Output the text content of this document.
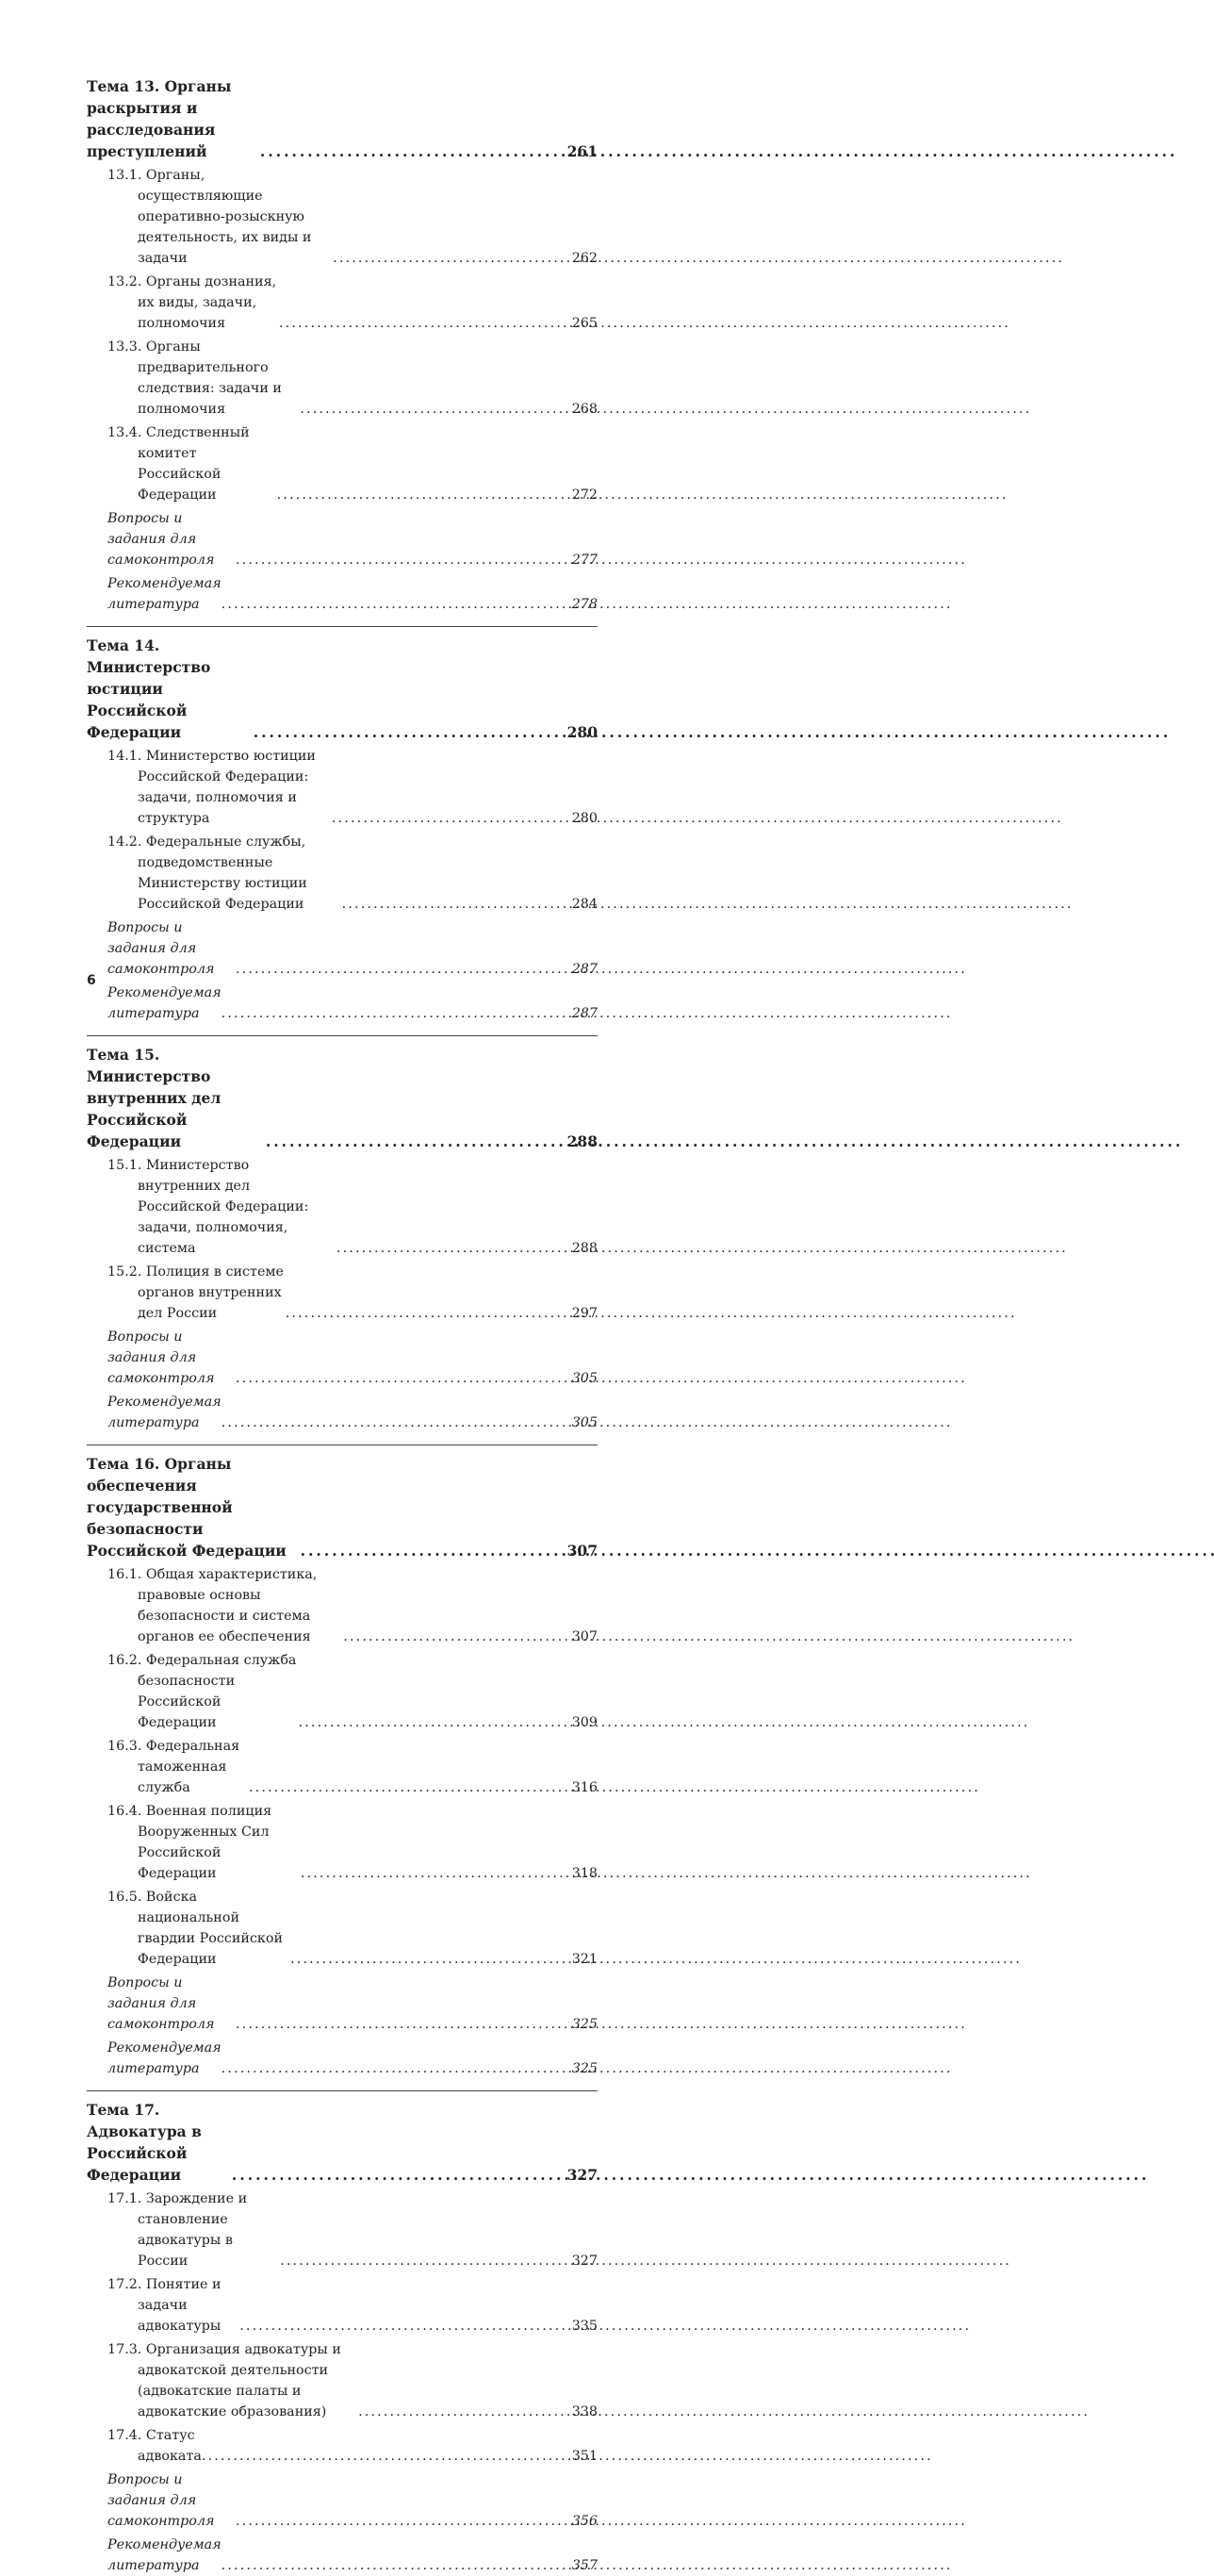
Тема 13. Органы раскрытия и расследования преступлений . . .	261
13.1. Органы, осуществляющие оперативно-розыскную деятельность, их виды и задачи . . .	262
13.2. Органы дознания, их виды, задачи, полномочия . . .	265
13.3. Органы предварительного следствия: задачи и полномочия . . .	268
13.4. Следственный комитет Российской Федерации . . .	272
Вопросы и задания для самоконтроля . . .	277
Рекомендуемая литература . . .	278
Тема 14. Министерство юстиции Российской Федерации . . .	280
14.1. Министерство юстиции Российской Федерации: задачи, полномочия и структура . . .	280
14.2. Федеральные службы, подведомственные Министерству юстиции Российской Федерации . . .	284
Вопросы и задания для самоконтроля . . .	287
Рекомендуемая литература . . .	287
Тема 15. Министерство внутренних дел Российской Федерации . . .	288
15.1. Министерство внутренних дел Российской Федерации: задачи, полномочия, система . . .	288
15.2. Полиция в системе органов внутренних дел России . . .	297
Вопросы и задания для самоконтроля . . .	305
Рекомендуемая литература . . .	305
Тема 16. Органы обеспечения государственной безопасности Российской Федерации . . .	307
16.1. Общая характеристика, правовые основы безопасности и система органов ее обеспечения . . .	307
16.2. Федеральная служба безопасности Российской Федерации . . .	309
16.3. Федеральная таможенная служба . . .	316
16.4. Военная полиция Вооруженных Сил Российской Федерации . . .	318
16.5. Войска национальной гвардии Российской Федерации . . .	321
Вопросы и задания для самоконтроля . . .	325
Рекомендуемая литература . . .	325
Тема 17. Адвокатура в Российской Федерации . . .	327
17.1. Зарождение и становление адвокатуры в России . . .	327
17.2. Понятие и задачи адвокатуры . . .	335
17.3. Организация адвокатуры и адвокатской деятельности (адвокатские палаты и адвокатские образования) . . .	338
17.4. Статус адвоката . . .	351
Вопросы и задания для самоконтроля . . .	356
Рекомендуемая литература . . .	357
6
